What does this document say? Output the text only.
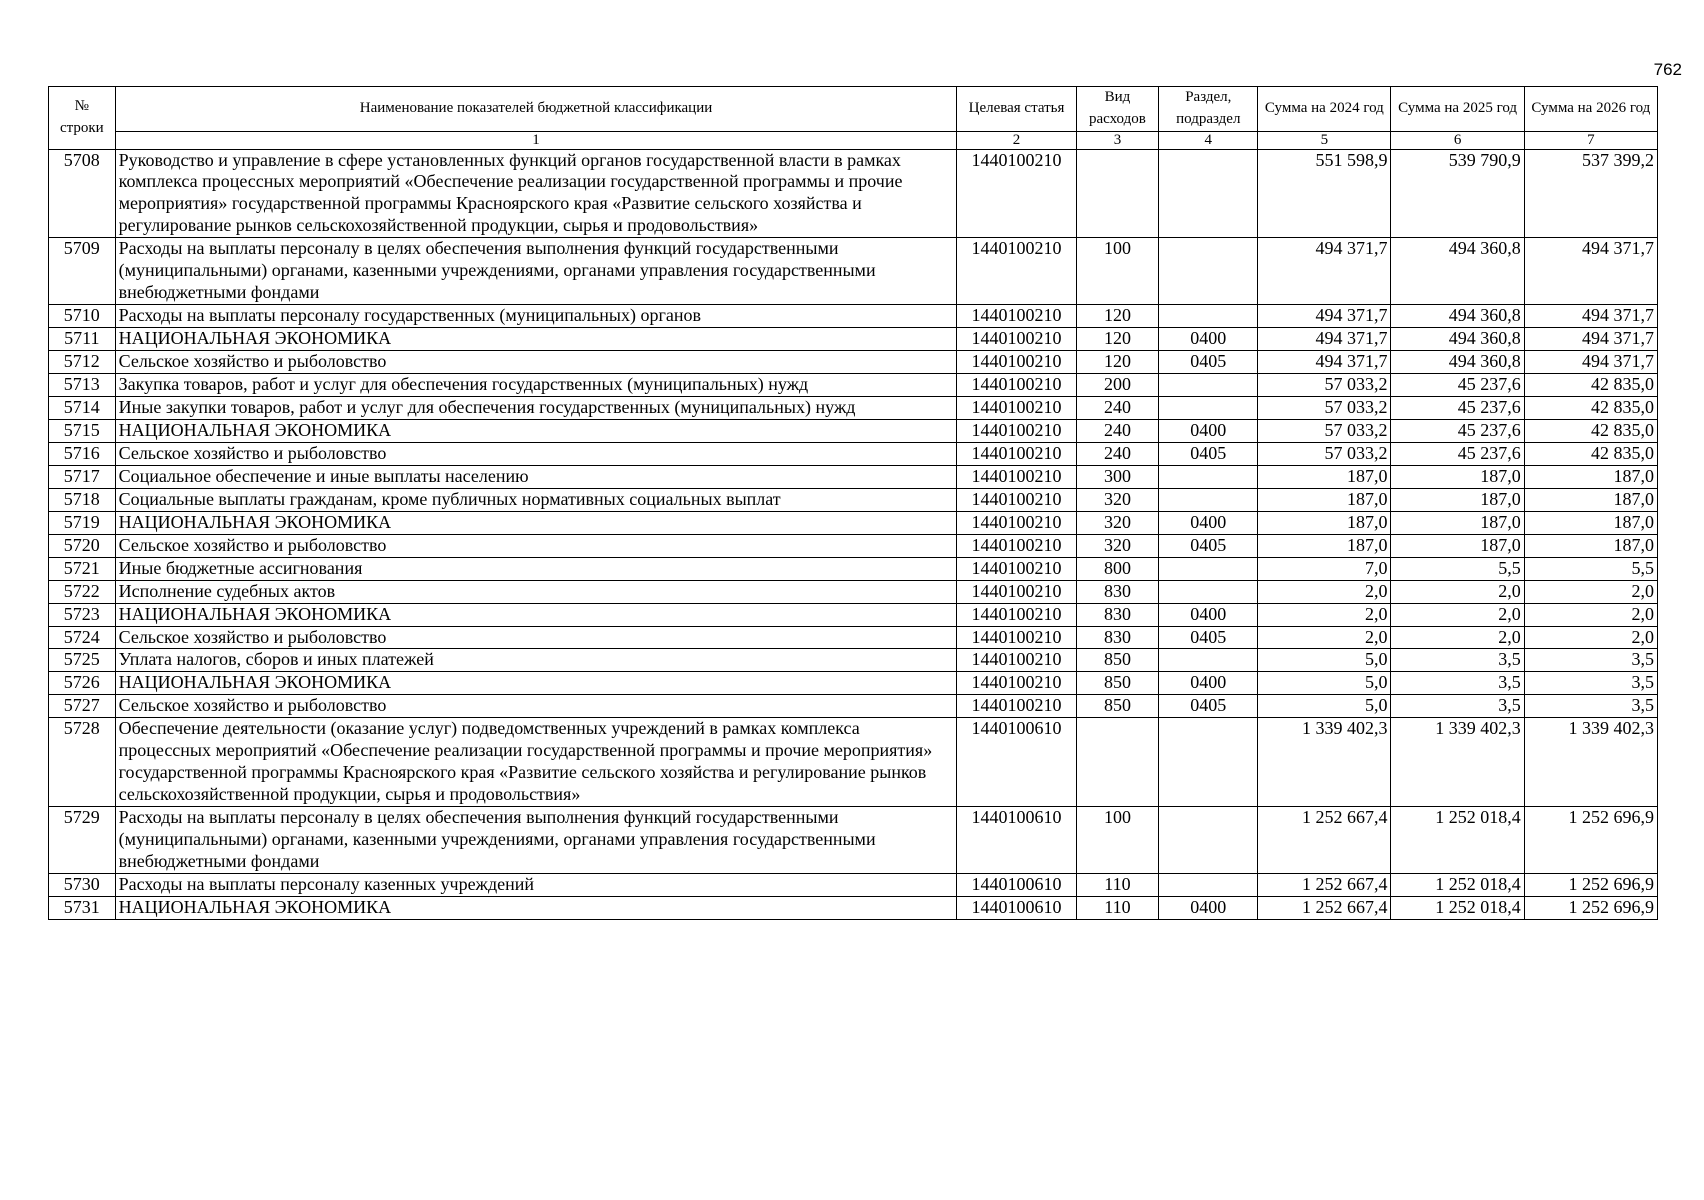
762
№ строки	Наименование показателей бюджетной классификации	Целевая статья	Вид расходов	Раздел, подраздел	Сумма на 2024 год	Сумма на 2025 год	Сумма на 2026 год
	1	2	3	4	5	6	7
5708	Руководство и управление в сфере установленных функций органов государственной власти в рамках комплекса процессных мероприятий «Обеспечение реализации государственной программы и прочие мероприятия» государственной программы Красноярского края «Развитие сельского хозяйства и регулирование рынков сельскохозяйственной продукции, сырья и продовольствия»	1440100210			551 598,9	539 790,9	537 399,2
5709	Расходы на выплаты персоналу в целях обеспечения выполнения функций государственными (муниципальными) органами, казенными учреждениями, органами управления государственными внебюджетными фондами	1440100210	100		494 371,7	494 360,8	494 371,7
5710	Расходы на выплаты персоналу государственных (муниципальных) органов	1440100210	120		494 371,7	494 360,8	494 371,7
5711	НАЦИОНАЛЬНАЯ ЭКОНОМИКА	1440100210	120	0400	494 371,7	494 360,8	494 371,7
5712	Сельское хозяйство и рыболовство	1440100210	120	0405	494 371,7	494 360,8	494 371,7
5713	Закупка товаров, работ и услуг для обеспечения государственных (муниципальных) нужд	1440100210	200		57 033,2	45 237,6	42 835,0
5714	Иные закупки товаров, работ и услуг для обеспечения государственных (муниципальных) нужд	1440100210	240		57 033,2	45 237,6	42 835,0
5715	НАЦИОНАЛЬНАЯ ЭКОНОМИКА	1440100210	240	0400	57 033,2	45 237,6	42 835,0
5716	Сельское хозяйство и рыболовство	1440100210	240	0405	57 033,2	45 237,6	42 835,0
5717	Социальное обеспечение и иные выплаты населению	1440100210	300		187,0	187,0	187,0
5718	Социальные выплаты гражданам, кроме публичных нормативных социальных выплат	1440100210	320		187,0	187,0	187,0
5719	НАЦИОНАЛЬНАЯ ЭКОНОМИКА	1440100210	320	0400	187,0	187,0	187,0
5720	Сельское хозяйство и рыболовство	1440100210	320	0405	187,0	187,0	187,0
5721	Иные бюджетные ассигнования	1440100210	800		7,0	5,5	5,5
5722	Исполнение судебных актов	1440100210	830		2,0	2,0	2,0
5723	НАЦИОНАЛЬНАЯ ЭКОНОМИКА	1440100210	830	0400	2,0	2,0	2,0
5724	Сельское хозяйство и рыболовство	1440100210	830	0405	2,0	2,0	2,0
5725	Уплата налогов, сборов и иных платежей	1440100210	850		5,0	3,5	3,5
5726	НАЦИОНАЛЬНАЯ ЭКОНОМИКА	1440100210	850	0400	5,0	3,5	3,5
5727	Сельское хозяйство и рыболовство	1440100210	850	0405	5,0	3,5	3,5
5728	Обеспечение деятельности (оказание услуг) подведомственных учреждений в рамках комплекса процессных мероприятий «Обеспечение реализации государственной программы и прочие мероприятия» государственной программы Красноярского края «Развитие сельского хозяйства и регулирование рынков сельскохозяйственной продукции, сырья и продовольствия»	1440100610			1 339 402,3	1 339 402,3	1 339 402,3
5729	Расходы на выплаты персоналу в целях обеспечения выполнения функций государственными (муниципальными) органами, казенными учреждениями, органами управления государственными внебюджетными фондами	1440100610	100		1 252 667,4	1 252 018,4	1 252 696,9
5730	Расходы на выплаты персоналу казенных учреждений	1440100610	110		1 252 667,4	1 252 018,4	1 252 696,9
5731	НАЦИОНАЛЬНАЯ ЭКОНОМИКА	1440100610	110	0400	1 252 667,4	1 252 018,4	1 252 696,9
